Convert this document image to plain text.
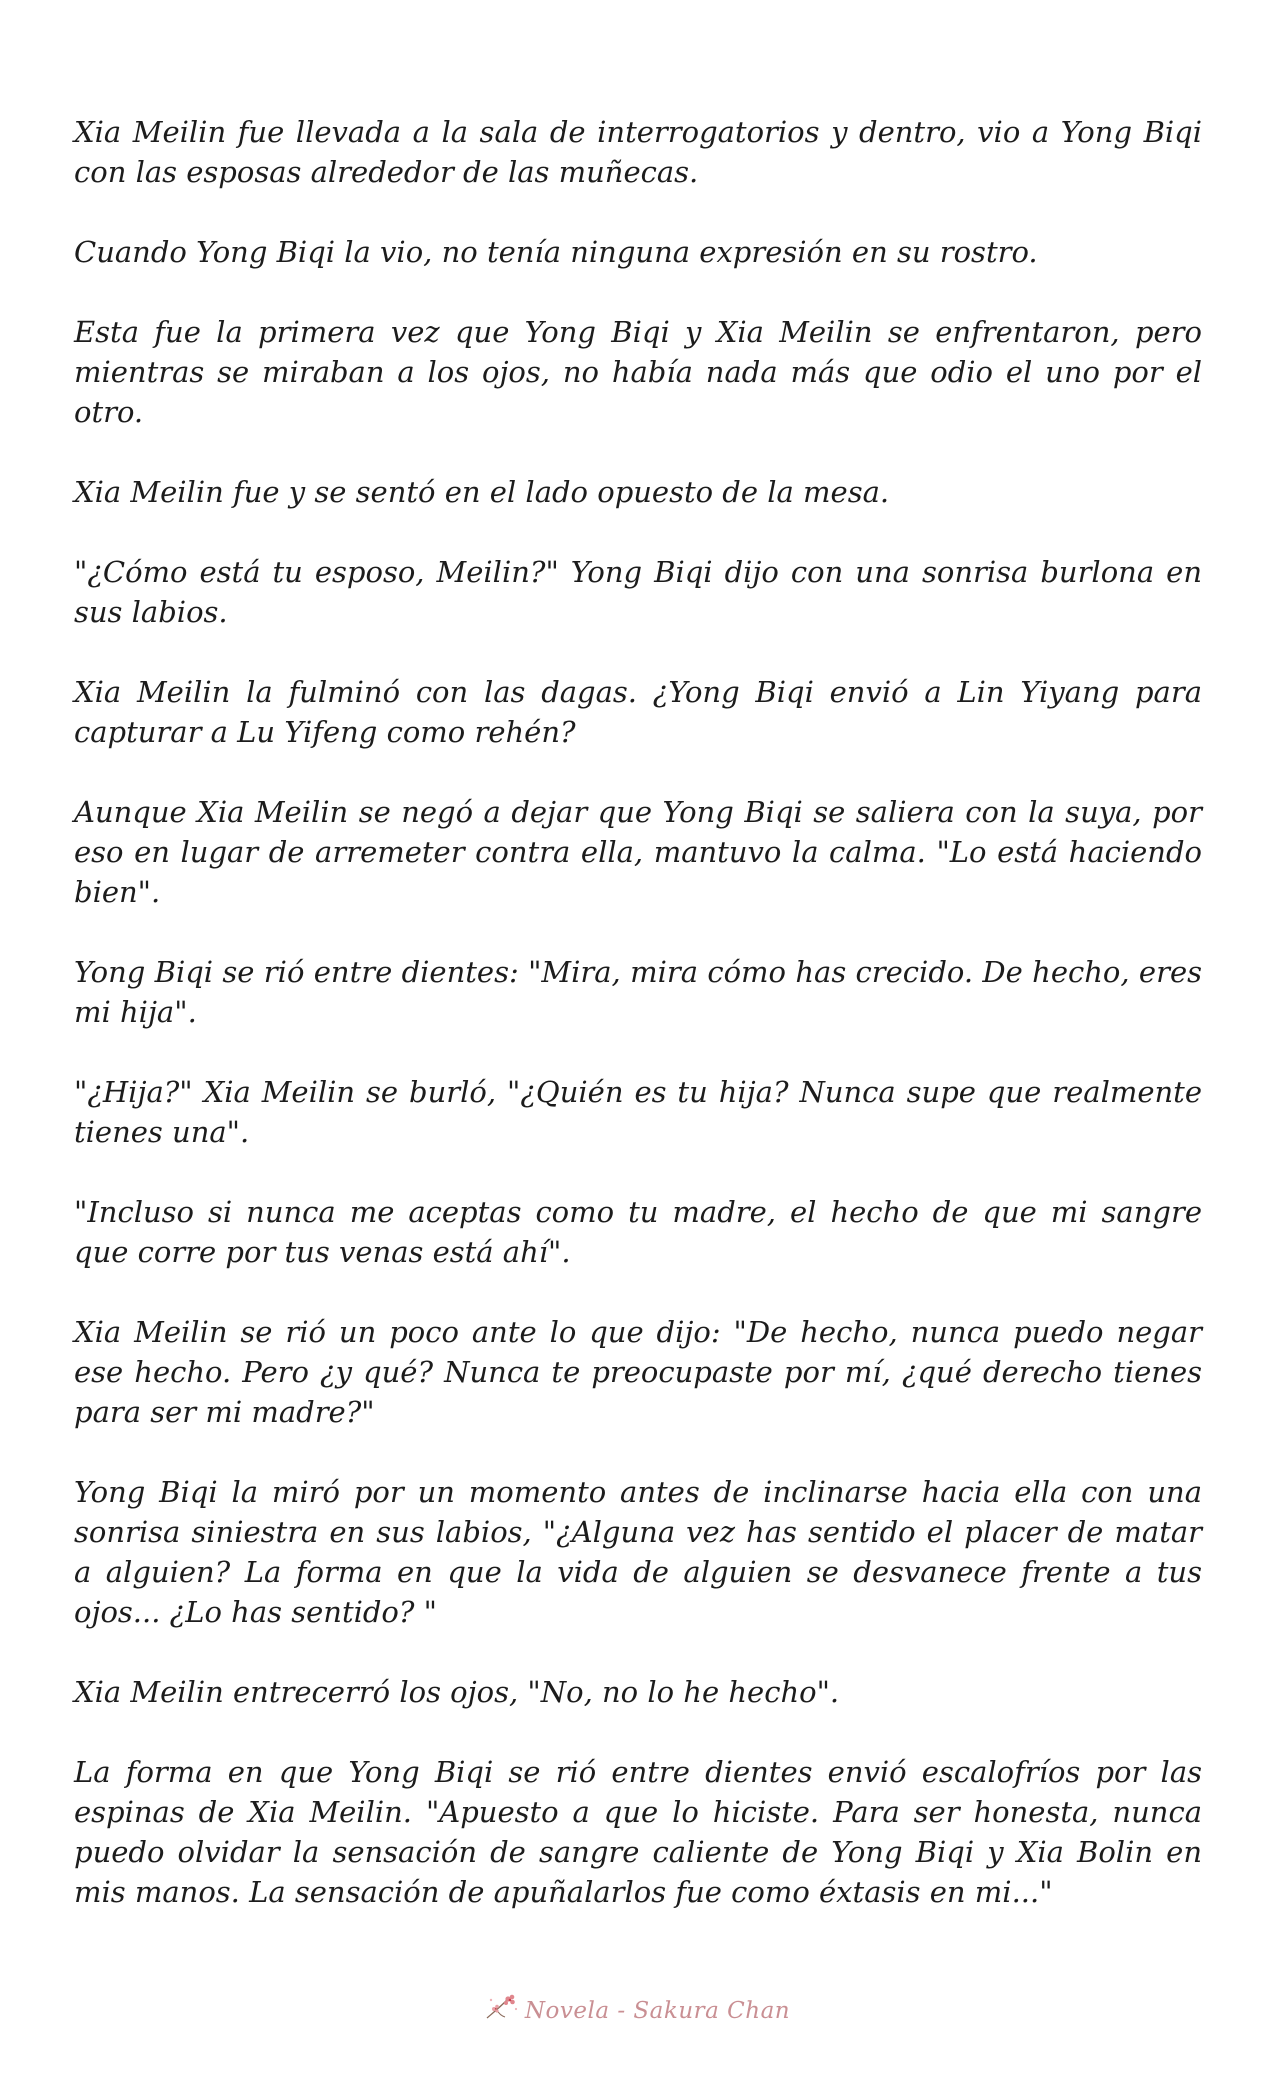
Xia Meilin fue llevada a la sala de interrogatorios y dentro, vio a Yong Biqi con las esposas alrededor de las muñecas.

Cuando Yong Biqi la vio, no tenía ninguna expresión en su rostro.

Esta fue la primera vez que Yong Biqi y Xia Meilin se enfrentaron, pero mientras se miraban a los ojos, no había nada más que odio el uno por el otro.

Xia Meilin fue y se sentó en el lado opuesto de la mesa.

"¿Cómo está tu esposo, Meilin?" Yong Biqi dijo con una sonrisa burlona en sus labios.

Xia Meilin la fulminó con las dagas. ¿Yong Biqi envió a Lin Yiyang para capturar a Lu Yifeng como rehén?

Aunque Xia Meilin se negó a dejar que Yong Biqi se saliera con la suya, por eso en lugar de arremeter contra ella, mantuvo la calma. "Lo está haciendo bien".

Yong Biqi se rió entre dientes: "Mira, mira cómo has crecido. De hecho, eres mi hija".

"¿Hija?" Xia Meilin se burló, "¿Quién es tu hija? Nunca supe que realmente tienes una".

"Incluso si nunca me aceptas como tu madre, el hecho de que mi sangre que corre por tus venas está ahí".

Xia Meilin se rió un poco ante lo que dijo: "De hecho, nunca puedo negar ese hecho. Pero ¿y qué? Nunca te preocupaste por mí, ¿qué derecho tienes para ser mi madre?"

Yong Biqi la miró por un momento antes de inclinarse hacia ella con una sonrisa siniestra en sus labios, "¿Alguna vez has sentido el placer de matar a alguien? La forma en que la vida de alguien se desvanece frente a tus ojos... ¿Lo has sentido? "

Xia Meilin entrecerró los ojos, "No, no lo he hecho".

La forma en que Yong Biqi se rió entre dientes envió escalofríos por las espinas de Xia Meilin. "Apuesto a que lo hiciste. Para ser honesta, nunca puedo olvidar la sensación de sangre caliente de Yong Biqi y Xia Bolin en mis manos. La sensación de apuñalarlos fue como éxtasis en mi..."

Novela - Sakura Chan
